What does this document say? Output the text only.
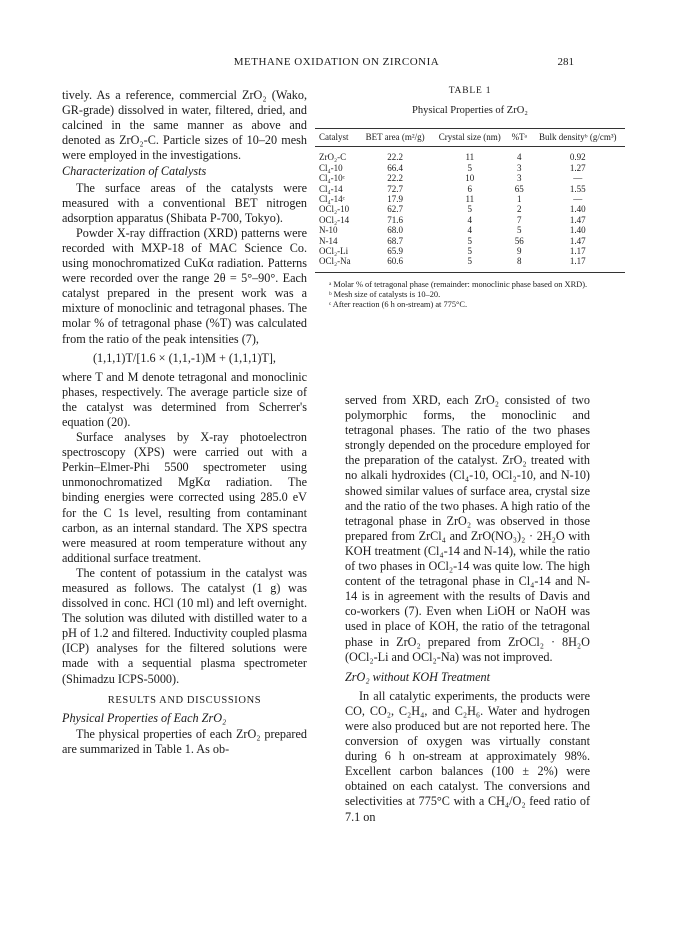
METHANE OXIDATION ON ZIRCONIA	281

tively. As a reference, commercial ZrO₂ (Wako, GR-grade) dissolved in water, filtered, dried, and calcined in the same manner as above and denoted as ZrO₂-C. Particle sizes of 10–20 mesh were employed in the investigations.

Characterization of Catalysts

The surface areas of the catalysts were measured with a conventional BET nitrogen adsorption apparatus (Shibata P-700, Tokyo).

Powder X-ray diffraction (XRD) patterns were recorded with MXP-18 of MAC Science Co. using monochromatized CuKα radiation. Patterns were recorded over the range 2θ = 5°–90°. Each catalyst prepared in the present work was a mixture of monoclinic and tetragonal phases. The molar % of tetragonal phase (%T) was calculated from the ratio of the peak intensities (7),

(1,1,1)T/[1.6 × (1,1,-1)M + (1,1,1)T],

where T and M denote tetragonal and monoclinic phases, respectively. The average particle size of the catalyst was determined from Scherrer's equation (20).

Surface analyses by X-ray photoelectron spectroscopy (XPS) were carried out with a Perkin–Elmer-Phi 5500 spectrometer using unmonochromatized MgKα radiation. The binding energies were corrected using 285.0 eV for the C 1s level, resulting from contaminant carbon, as an internal standard. The XPS spectra were measured at room temperature without any additional surface treatment.

The content of potassium in the catalyst was measured as follows. The catalyst (1 g) was dissolved in conc. HCl (10 ml) and left overnight. The solution was diluted with distilled water to a pH of 1.2 and filtered. Inductivity coupled plasma (ICP) analyses for the filtered solutions were made with a sequential plasma spectrometer (Shimadzu ICPS-5000).

RESULTS AND DISCUSSIONS
Physical Properties of Each ZrO₂

The physical properties of each ZrO₂ prepared are summarized in Table 1. As ob-

TABLE 1
Physical Properties of ZrO₂
Catalyst	BET area (m²/g)	Crystal size (nm)	%Tᵃ	Bulk densityᵇ (g/cm³)
ZrO₂-C	22.2	11	4	0.92
Cl₄-10	66.4	5	3	1.27
Cl₄-10ᶜ	22.2	10	3	—
Cl₄-14	72.7	6	65	1.55
Cl₄-14ᶜ	17.9	11	1	—
OCl₂-10	62.7	5	2	1.40
OCl₂-14	71.6	4	7	1.47
N-10	68.0	4	5	1.40
N-14	68.7	5	56	1.47
OCl₂-Li	65.9	5	9	1.17
OCl₂-Na	60.6	5	8	1.17

ᵃ Molar % of tetragonal phase (remainder: monoclinic phase based on XRD).

ᵇ Mesh size of catalysts is 10–20.

ᶜ After reaction (6 h on-stream) at 775°C.

served from XRD, each ZrO₂ consisted of two polymorphic forms, the monoclinic and tetragonal phases. The ratio of the two phases strongly depended on the procedure employed for the preparation of the catalyst. ZrO₂ treated with no alkali hydroxides (Cl₄-10, OCl₂-10, and N-10) showed similar values of surface area, crystal size and the ratio of the two phases. A high ratio of the tetragonal phase in ZrO₂ was observed in those prepared from ZrCl₄ and ZrO(NO₃)₂ · 2H₂O with KOH treatment (Cl₄-14 and N-14), while the ratio of two phases in OCl₂-14 was quite low. The high content of the tetragonal phase in Cl₄-14 and N-14 is in agreement with the results of Davis and co-workers (7). Even when LiOH or NaOH was used in place of KOH, the ratio of the tetragonal phase in ZrO₂ prepared from ZrOCl₂ · 8H₂O (OCl₂-Li and OCl₂-Na) was not improved.

ZrO₂ without KOH Treatment

In all catalytic experiments, the products were CO, CO₂, C₂H₄, and C₂H₆. Water and hydrogen were also produced but are not reported here. The conversion of oxygen was virtually constant during 6 h on-stream at approximately 98%. Excellent carbon balances (100 ± 2%) were obtained on each catalyst. The conversions and selectivities at 775°C with a CH₄/O₂ feed ratio of 7.1 on
